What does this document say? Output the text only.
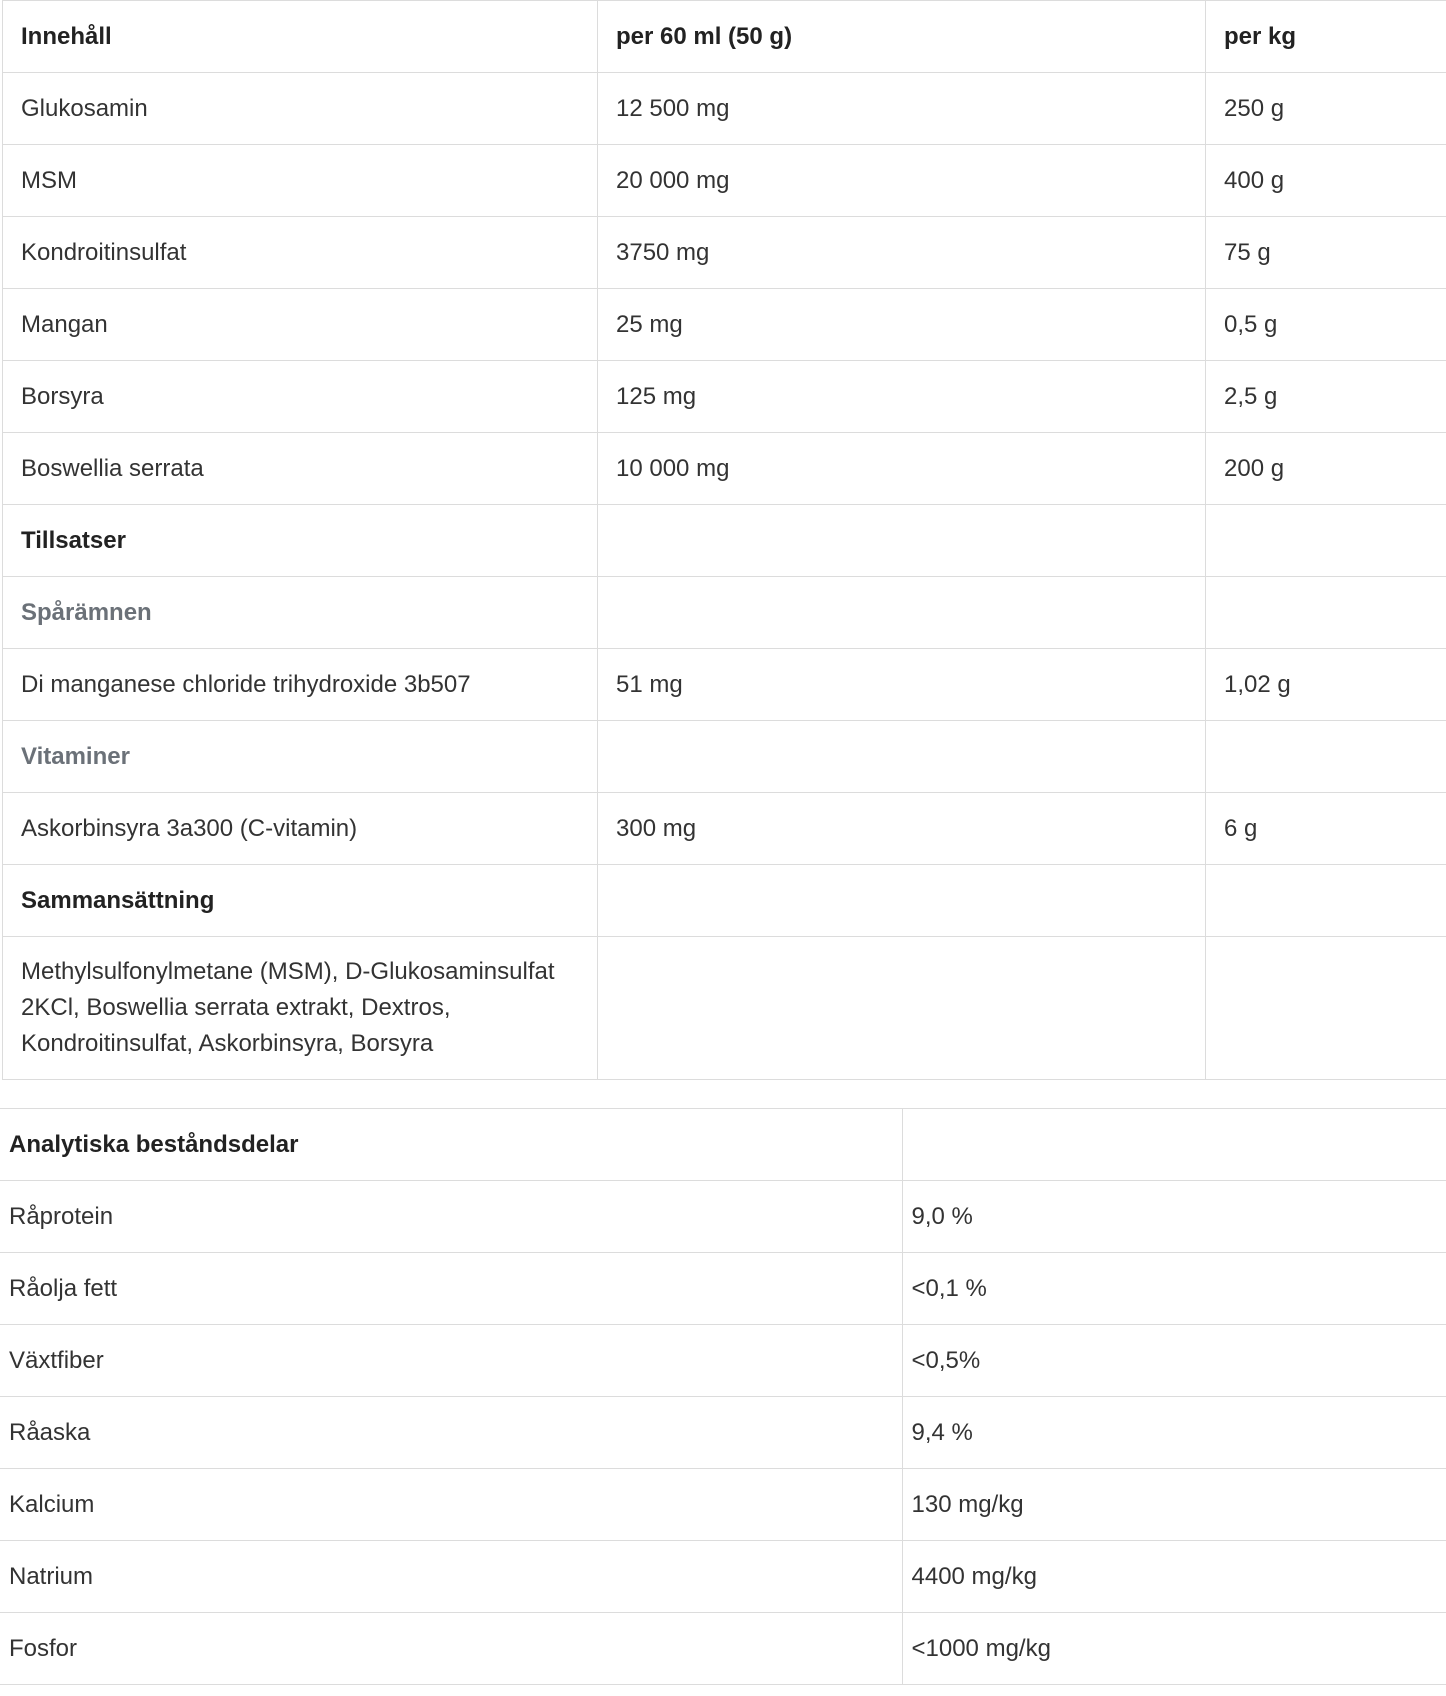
Innehåll	per 60 ml (50 g)	per kg
Glukosamin	12 500 mg	250 g
MSM	20 000 mg	400 g
Kondroitinsulfat	3750 mg	75 g
Mangan	25 mg	0,5 g
Borsyra	125 mg	2,5 g
Boswellia serrata	10 000 mg	200 g
Tillsatser		
Spårämnen		
Di manganese chloride trihydroxide 3b507	51 mg	1,02 g
Vitaminer		
Askorbinsyra 3a300 (C-vitamin)	300 mg	6 g
Sammansättning		
Methylsulfonylmetane (MSM), D-Glukosaminsulfat 2KCl, Boswellia serrata extrakt, Dextros, Kondroitinsulfat, Askorbinsyra, Borsyra		
Analytiska beståndsdelar	
Råprotein	9,0 %
Råolja fett	<0,1 %
Växtfiber	<0,5%
Råaska	9,4 %
Kalcium	130 mg/kg
Natrium	4400 mg/kg
Fosfor	<1000 mg/kg
